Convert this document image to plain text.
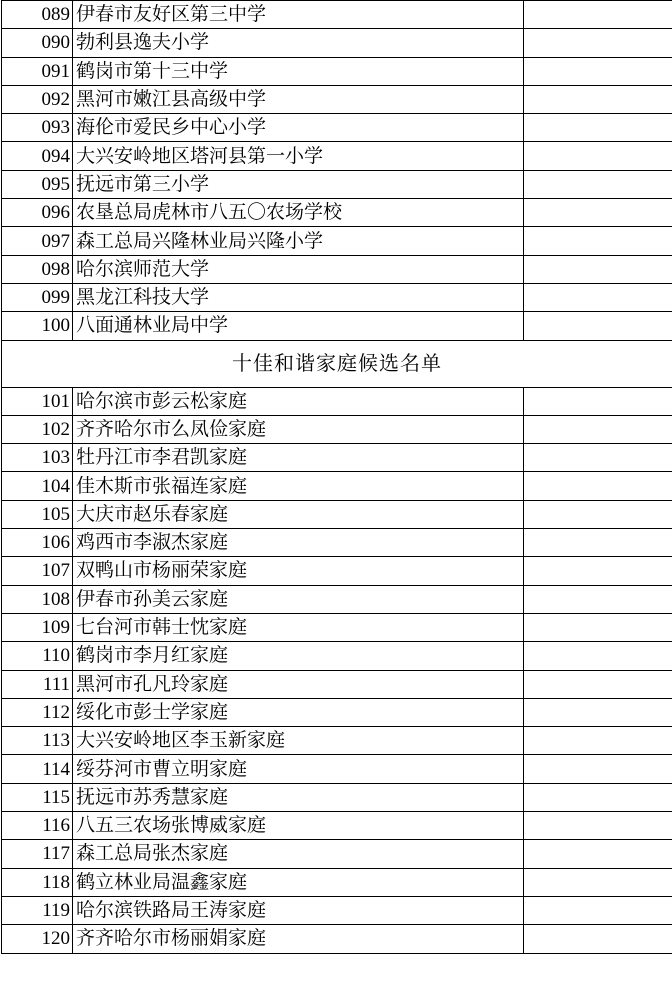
089	伊春市友好区第三中学	
090	勃利县逸夫小学	
091	鹤岗市第十三中学	
092	黑河市嫩江县高级中学	
093	海伦市爱民乡中心小学	
094	大兴安岭地区塔河县第一小学	
095	抚远市第三小学	
096	农垦总局虎林市八五〇农场学校	
097	森工总局兴隆林业局兴隆小学	
098	哈尔滨师范大学	
099	黑龙江科技大学	
100	八面通林业局中学	
十佳和谐家庭候选名单		
101	哈尔滨市彭云松家庭	
102	齐齐哈尔市么凤俭家庭	
103	牡丹江市李君凯家庭	
104	佳木斯市张福连家庭	
105	大庆市赵乐春家庭	
106	鸡西市李淑杰家庭	
107	双鸭山市杨丽荣家庭	
108	伊春市孙美云家庭	
109	七台河市韩士忱家庭	
110	鹤岗市李月红家庭	
111	黑河市孔凡玲家庭	
112	绥化市彭士学家庭	
113	大兴安岭地区李玉新家庭	
114	绥芬河市曹立明家庭	
115	抚远市苏秀慧家庭	
116	八五三农场张博威家庭	
117	森工总局张杰家庭	
118	鹤立林业局温鑫家庭	
119	哈尔滨铁路局王涛家庭	
120	齐齐哈尔市杨丽娟家庭	
